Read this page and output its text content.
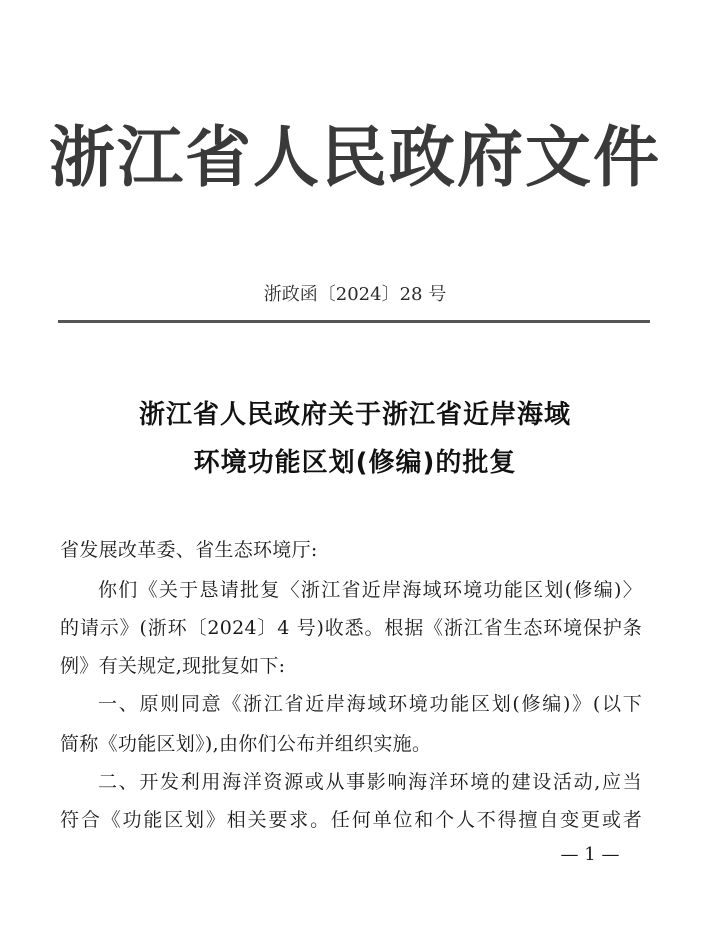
浙江省人民政府文件
浙政函〔2024〕28 号
浙江省人民政府关于浙江省近岸海域
环境功能区划(修编)的批复
省发展改革委、省生态环境厅:
你们《关于恳请批复〈浙江省近岸海域环境功能区划(修编)〉
的请示》(浙环〔2024〕4 号)收悉。根据《浙江省生态环境保护条
例》有关规定,现批复如下:
一、原则同意《浙江省近岸海域环境功能区划(修编)》(以下
简称《功能区划》),由你们公布并组织实施。
二、开发利用海洋资源或从事影响海洋环境的建设活动,应当
符合《功能区划》相关要求。任何单位和个人不得擅自变更或者
— 1 —
